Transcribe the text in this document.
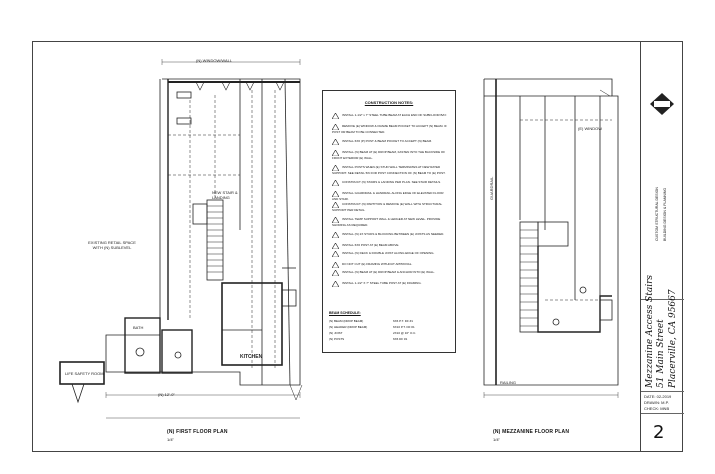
(N) WINDOW/WALL
NEW STAIR & LANDING
EXISTING RETAIL SPACE WITH (N) SUBLEVEL
KITCHEN
BATH
LIFE SAFETY ROOM
(N) 12'-0"
(N) FIRST FLOOR PLAN
1/4"
CONSTRUCTION NOTES:
INSTALL 1-1/2" x 7" STEEL TUBE BEAM AT EACH END OF SUBFLOOR BAY.
REMOVE (E) WINDOW & FRAME BEAM POCKET TO ACCEPT (N) BEAM. IF POST OR BEAM TO BE CONNECTED.
INSTALL 6X6 (P) POST & BEAM POCKET TO ACCEPT (N) BEAM.
INSTALL (N) BEAM AT (E) DROP BEAM, FASTEN INTO THE BACKSIDE OF FRONT EXTERIOR (E) WALL.
INSTALL POSTS WHEN (E) STUD WALL TERMINATES AT NEW RATED SUPPORT. SEE DETAIL 5/6 FOR POST CONNECTION OF (N) BEAM TO (E) POST.
CONSTRUCT (N) STAIRS & LANDING PER PLAN. SEE STAIR DETAILS.
INSTALL GUARDRAIL & HANDRAIL ALONG EDGE OF ELEVATED FLOOR AND STAIR.
CONSTRUCT (N) PARTITION & REMOVE (E) WALL WITH STRUCTURAL SUPPORT PER DETAIL.
INSTALL TEMP SUPPORT WALL & LEDGER AT NEW LEVEL. PROVIDE SHORING AS REQUIRED.
INSTALL (N) 2X STUDS & BLOCKING BETWEEN (E) JOISTS AS NEEDED.
INSTALL 6X6 POST AT (E) BEAM ABOVE.
INSTALL (N) DECK & DOUBLE JOIST ALONG EDGE OF OPENING.
DO NOT CUT (E) FRAMING WITHOUT APPROVAL.
INSTALL (N) BEAM AT (E) DROP BEAM & ANCHOR INTO (E) WALL.
INSTALL 1-1/2" X 7" STEEL TUBE POST AT (E) FRAMING.
BEAM SCHEDULE:
(N) BEAM (DROP BEAM)	6X6 P.T. DF #1
(N) HEADER (DROP BEAM)	6X10 P.T. DF #1
(N) JOIST	2X10 @ 16" O.C.
(N) POSTS	6X6 DF #1
GUARDRAIL
(E) WINDOW
RAILING
(N) MEZZANINE FLOOR PLAN
1/4"
CUSTOM STRUCTURAL DESIGN BUILDING DESIGN & PLANNING
Mezzanine Access Stairs 51 Main Street Placerville, CA 95667
DATE: 02-2019
DRAWN: M.P.
CHECK: MNB
2
